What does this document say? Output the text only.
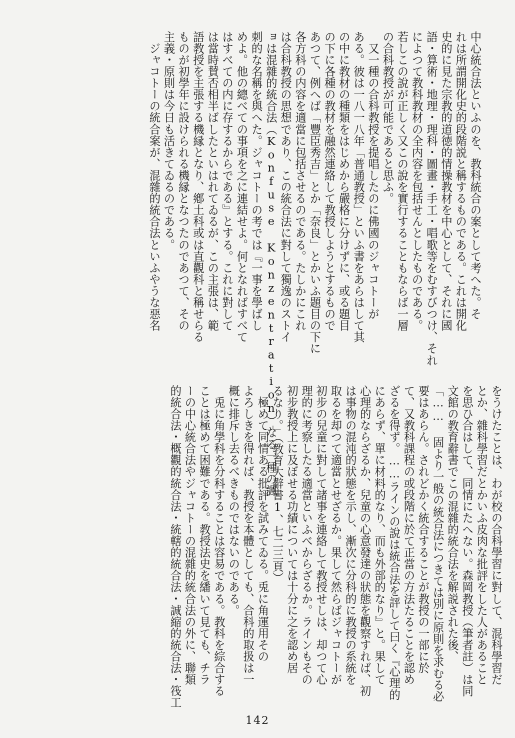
中心統合法といふのを、教科統合の案として考へた。そ
れは所謂開化史的段階説と稱するものである。これは開化
史的に見た宗教的道徳的情操教材を中心として、それに國
語・算術・地理・理科・圖畫・手工・唱歌等をむすびつけ、それ
によつて教科教材の全内容を包括せんとしたものである。
若しこの說が正しく又この說を實行することもならば一層
の合科教授が可能であると思ふ。
　又一種の合科教授を提唱したのに佛國のジャコトーが
ある。彼は一八一八年「普通教授」といふ書をあらはして其
の中に教材の種類をはじめから嚴格に分けずに、或る題目
の下に各種の教材を融然連絡して教授しようとするもので
あつて、例へば「豐臣秀吉」とか「奈良」とかいふ題目の下に
各方科の内容を適當に包括させるのである。たしかにこれ
は合科教授の思想であり、この統合法に對して獨逸のストイ
ョは混雜的統合法（Konfuse Konzentration）なる一種の諷
刺的な名稱を與へた。ジャコトーの考では『一事を學ばし
めよ。他の總べての事項を之に連結せよ。何となればすべて
はすべての内に存するからである』とする。これに對して
は當時賛否相半ばしたといはれてゐるが、この主張は、範
語教授を主張する機縁となり、鄕土科或は直觀科と稱せらる
ものが初學年に設けられる機縁となつたのであつて、その
主義・原則は今日も活きてゐるのである。
　ジャコトーの統合案が、混雜的統合法といふやうな惡名
をうけたことは、わが校の合科學習に對して、混科學習だ
とか、雜科學習だとかいふ皮肉な批評をした人があること
を思ひ合はして、同情にたへない。森岡教授（筆者註）は同
文館の教育辭書でこの混雜的統合法を解説された後、
「…… 固より一般の統合法につきては別に原則を求むる必
要はあらん。されどかく統合することが教授の一部に於
て、又教科課程の或段階に於て正當の方法たることを認め
ざるを得ず。……ラインの說は統合法を評して曰く『心理的
にあらず、單に材料的なり、而も外部的なり』と。果して
心理的ならざるか、兒童の心意發達の狀態を觀察すれば、初
は事物の混沌的狀態を示し、漸次に分科的に教授の系統を
取るを却つて適當とせざるか。果して然らばジャコトーが
初步の兒童に對して諸事を連絡して教授せしは、却つて心
理的に考察したる適當といふべからざるか。ラインもその
初步教授上に及ぼせる功績については十分に之を認め居
るなり。」（教育大辭書1、七二三頁）
　極めて同情ある批評を試みてゐる。兎に角運用その
よろしきを得れば、教授を本體としても、合科的取扱は一
概に排斥し去るべきものではないのである。
　兎に角學科を分科することは容易である。教科を綜合する
ことは極めて困難である。教授法史を繙いて見ても、チラ
ーの中心統合法やジャコトーの混雜的統合法の外に、聯類
的統合法・概觀的統合法・統轄的統合法・誠縮的統合法・筏工
142
